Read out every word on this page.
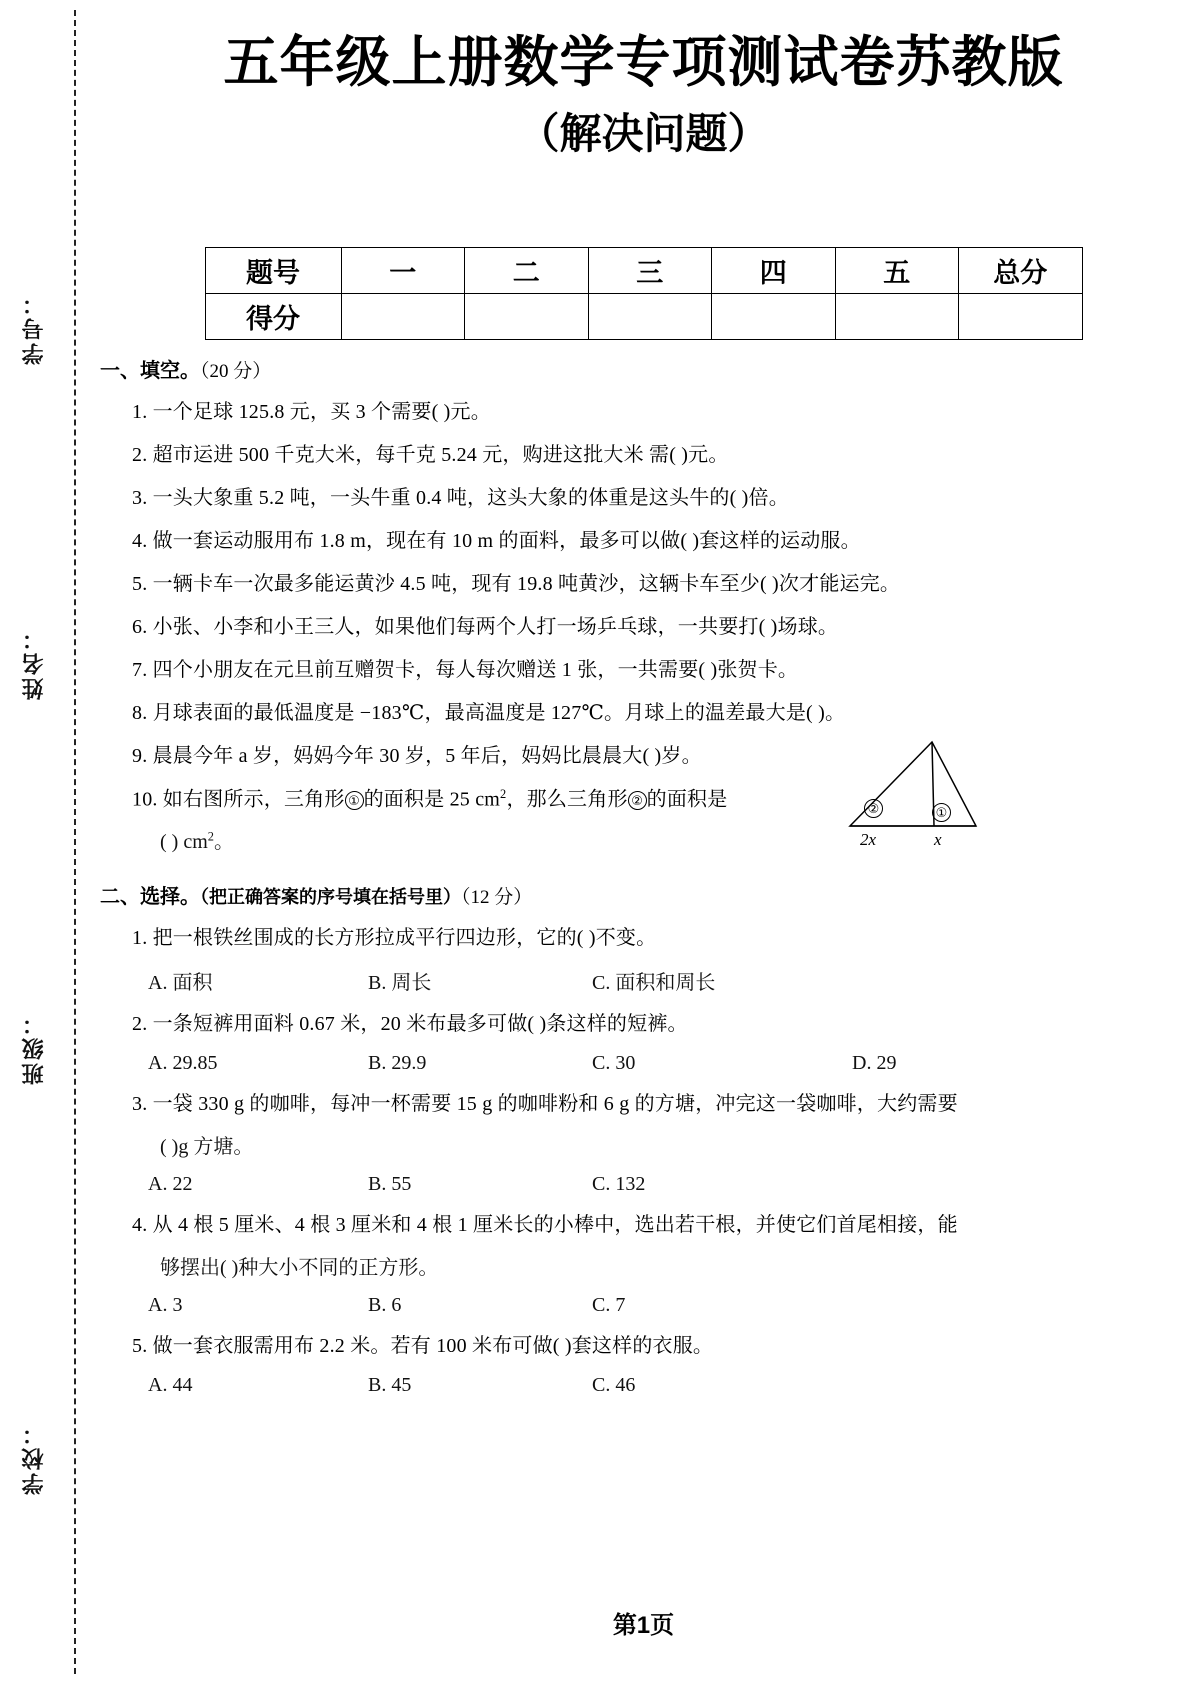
学号：
姓名：
班级：
学校：
五年级上册数学专项测试卷苏教版
（解决问题）
题号	一	二	三	四	五	总分
得分						
一、填空。（20 分）
1. 一个足球 125.8 元，买 3 个需要( )元。
2. 超市运进 500 千克大米，每千克 5.24 元，购进这批大米 需( )元。
3. 一头大象重 5.2 吨，一头牛重 0.4 吨，这头大象的体重是这头牛的( )倍。
4. 做一套运动服用布 1.8 m，现在有 10 m 的面料，最多可以做( )套这样的运动服。
5. 一辆卡车一次最多能运黄沙 4.5 吨，现有 19.8 吨黄沙，这辆卡车至少( )次才能运完。
6. 小张、小李和小王三人，如果他们每两个人打一场乒乓球，一共要打( )场球。
7. 四个小朋友在元旦前互赠贺卡，每人每次赠送 1 张，一共需要( )张贺卡。
8. 月球表面的最低温度是 −183℃，最高温度是 127℃。月球上的温差最大是( )。
9. 晨晨今年 a 岁，妈妈今年 30 岁，5 年后，妈妈比晨晨大( )岁。
10. 如右图所示，三角形 ① 的面积是 25 $cm^2$，那么三角形 ② 的面积是
( ) $cm^2$。
二、选择。（把正确答案的序号填在括号里）（12 分）
1. 把一根铁丝围成的长方形拉成平行四边形，它的( )不变。
A. 面积	B. 周长	C. 面积和周长
2. 一条短裤用面料 0.67 米，20 米布最多可做( )条这样的短裤。
A. 29.85	B. 29.9	C. 30	D. 29
3. 一袋 330 g 的咖啡，每冲一杯需要 15 g 的咖啡粉和 6 g 的方塘，冲完这一袋咖啡，大约需要
( )g 方塘。
A. 22	B. 55	C. 132
4. 从 4 根 5 厘米、4 根 3 厘米和 4 根 1 厘米长的小棒中，选出若干根，并使它们首尾相接，能
够摆出( )种大小不同的正方形。
A. 3	B. 6	C. 7
5. 做一套衣服需用布 2.2 米。若有 100 米布可做( )套这样的衣服。
A. 44	B. 45	C. 46
②	①
2x	x
第1页
